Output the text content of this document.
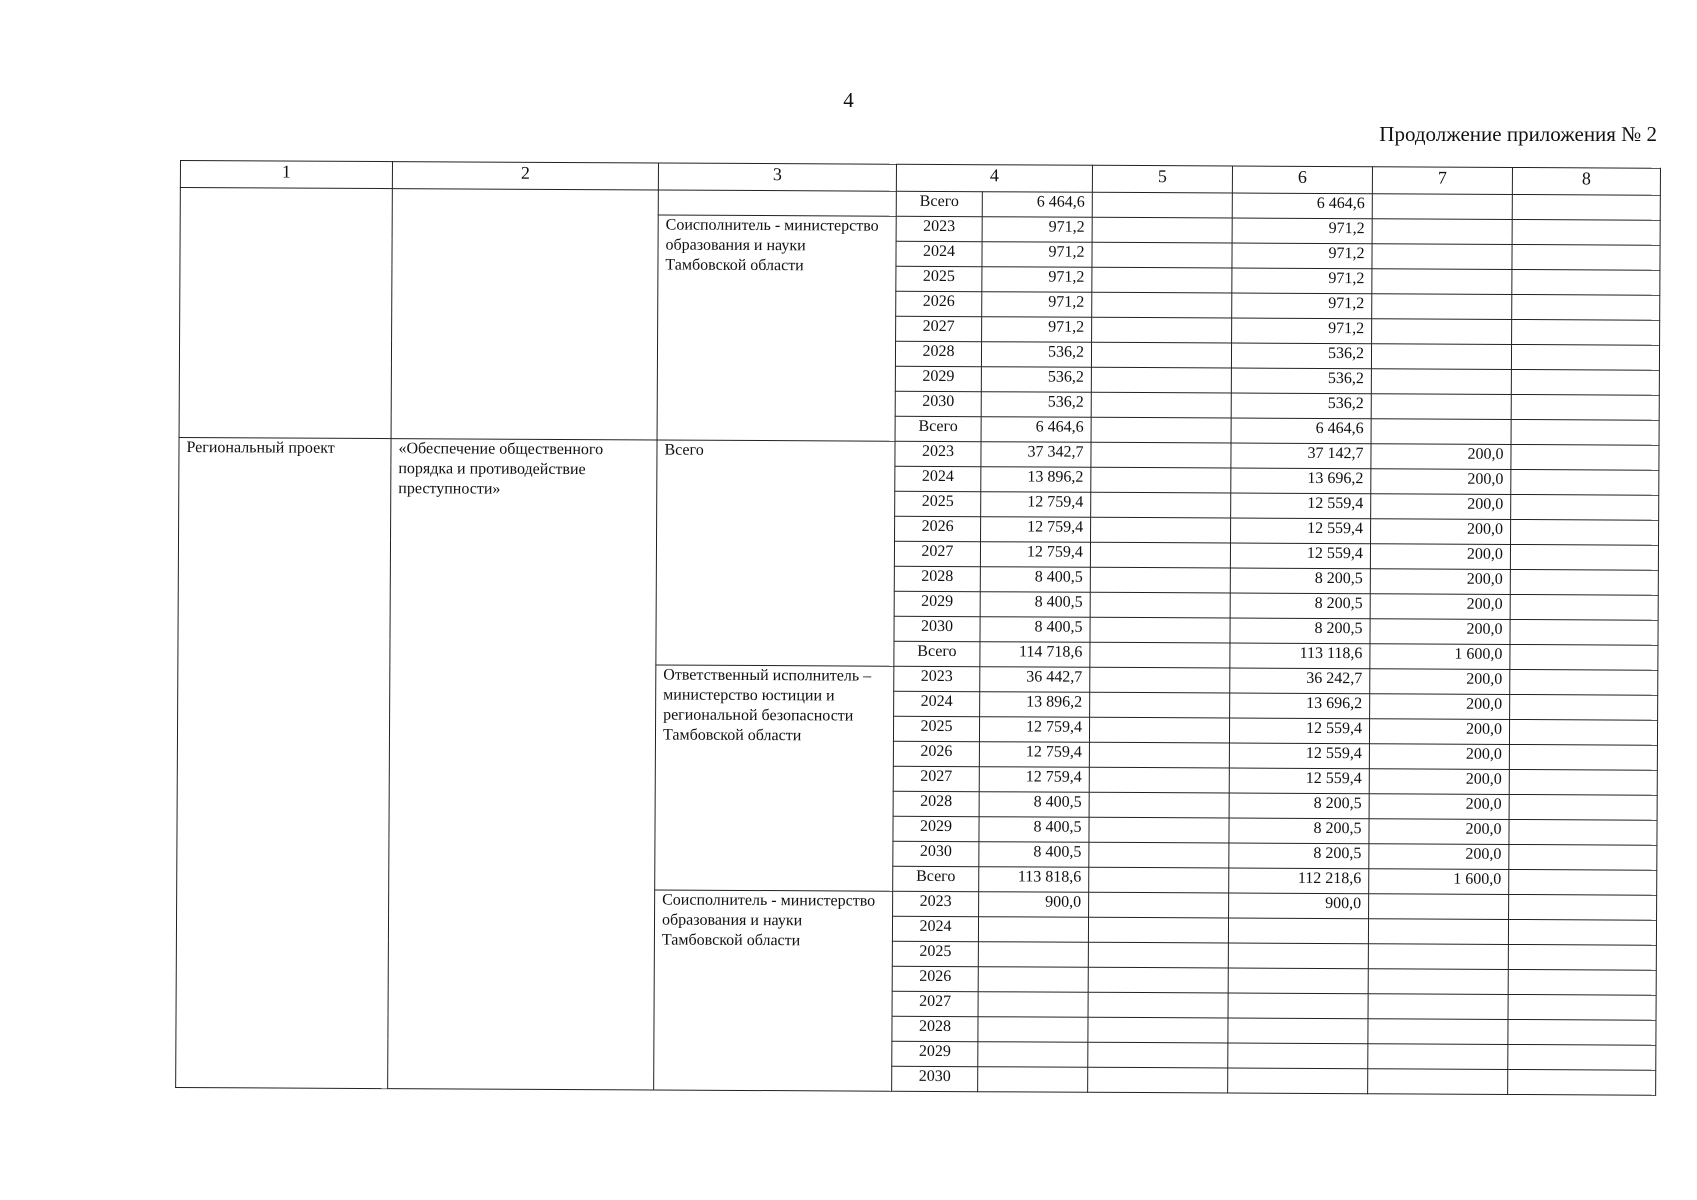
4
Продолжение приложения № 2
1	2	3	4		5	6	7	8
			Всего	6 464,6		6 464,6		
		Соисполнитель - министерство образования и науки Тамбовской области	2023	971,2		971,2		
			2024	971,2		971,2		
			2025	971,2		971,2		
			2026	971,2		971,2		
			2027	971,2		971,2		
			2028	536,2		536,2		
			2029	536,2		536,2		
			2030	536,2		536,2		
			Всего	6 464,6		6 464,6		
Региональный проект	«Обеспечение общественного порядка и противодействие преступности»	Всего	2023	37 342,7		37 142,7	200,0	
			2024	13 896,2		13 696,2	200,0	
			2025	12 759,4		12 559,4	200,0	
			2026	12 759,4		12 559,4	200,0	
			2027	12 759,4		12 559,4	200,0	
			2028	8 400,5		8 200,5	200,0	
			2029	8 400,5		8 200,5	200,0	
			2030	8 400,5		8 200,5	200,0	
			Всего	114 718,6		113 118,6	1 600,0	
		Ответственный исполнитель – министерство юстиции и региональной безопасности Тамбовской области	2023	36 442,7		36 242,7	200,0	
			2024	13 896,2		13 696,2	200,0	
			2025	12 759,4		12 559,4	200,0	
			2026	12 759,4		12 559,4	200,0	
			2027	12 759,4		12 559,4	200,0	
			2028	8 400,5		8 200,5	200,0	
			2029	8 400,5		8 200,5	200,0	
			2030	8 400,5		8 200,5	200,0	
			Всего	113 818,6		112 218,6	1 600,0	
		Соисполнитель - министерство образования и науки Тамбовской области	2023	900,0		900,0		
			2024					
			2025					
			2026					
			2027					
			2028					
			2029					
			2030					
